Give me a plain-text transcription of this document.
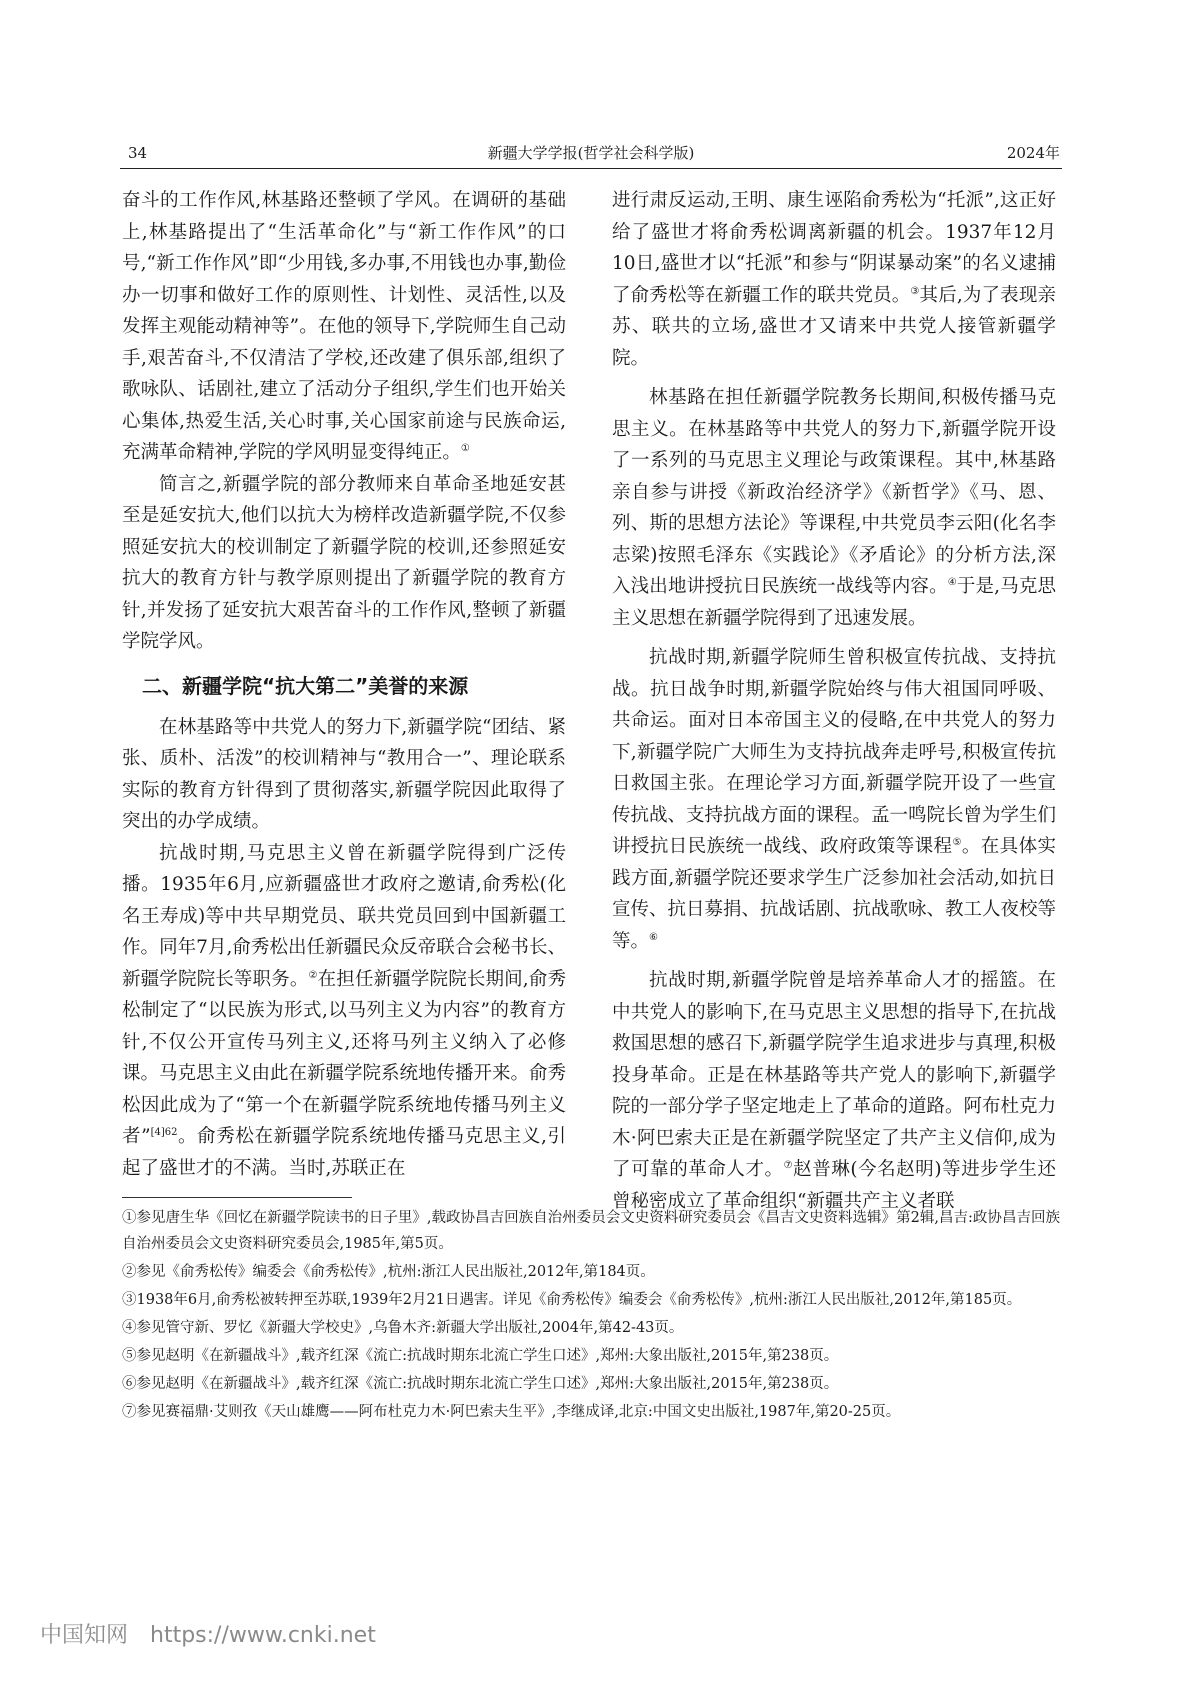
34	新疆大学学报(哲学社会科学版)	2024年

奋斗的工作作风,林基路还整顿了学风。在调研的基础上,林基路提出了“生活革命化”与“新工作作风”的口号,“新工作作风”即“少用钱,多办事,不用钱也办事,勤俭办一切事和做好工作的原则性、计划性、灵活性,以及发挥主观能动精神等”。在他的领导下,学院师生自己动手,艰苦奋斗,不仅清洁了学校,还改建了俱乐部,组织了歌咏队、话剧社,建立了活动分子组织,学生们也开始关心集体,热爱生活,关心时事,关心国家前途与民族命运,充满革命精神,学院的学风明显变得纯正。①

简言之,新疆学院的部分教师来自革命圣地延安甚至是延安抗大,他们以抗大为榜样改造新疆学院,不仅参照延安抗大的校训制定了新疆学院的校训,还参照延安抗大的教育方针与教学原则提出了新疆学院的教育方针,并发扬了延安抗大艰苦奋斗的工作作风,整顿了新疆学院学风。

二、新疆学院“抗大第二”美誉的来源

在林基路等中共党人的努力下,新疆学院“团结、紧张、质朴、活泼”的校训精神与“教用合一”、理论联系实际的教育方针得到了贯彻落实,新疆学院因此取得了突出的办学成绩。

抗战时期,马克思主义曾在新疆学院得到广泛传播。1935年6月,应新疆盛世才政府之邀请,俞秀松(化名王寿成)等中共早期党员、联共党员回到中国新疆工作。同年7月,俞秀松出任新疆民众反帝联合会秘书长、新疆学院院长等职务。②在担任新疆学院院长期间,俞秀松制定了“以民族为形式,以马列主义为内容”的教育方针,不仅公开宣传马列主义,还将马列主义纳入了必修课。马克思主义由此在新疆学院系统地传播开来。俞秀松因此成为了“第一个在新疆学院系统地传播马列主义者”$^{[4]62}$。俞秀松在新疆学院系统地传播马克思主义,引起了盛世才的不满。当时,苏联正在

进行肃反运动,王明、康生诬陷俞秀松为“托派”,这正好给了盛世才将俞秀松调离新疆的机会。1937年12月10日,盛世才以“托派”和参与“阴谋暴动案”的名义逮捕了俞秀松等在新疆工作的联共党员。③其后,为了表现亲苏、联共的立场,盛世才又请来中共党人接管新疆学院。

林基路在担任新疆学院教务长期间,积极传播马克思主义。在林基路等中共党人的努力下,新疆学院开设了一系列的马克思主义理论与政策课程。其中,林基路亲自参与讲授《新政治经济学》《新哲学》《马、恩、列、斯的思想方法论》等课程,中共党员李云阳(化名李志梁)按照毛泽东《实践论》《矛盾论》的分析方法,深入浅出地讲授抗日民族统一战线等内容。④于是,马克思主义思想在新疆学院得到了迅速发展。

抗战时期,新疆学院师生曾积极宣传抗战、支持抗战。抗日战争时期,新疆学院始终与伟大祖国同呼吸、共命运。面对日本帝国主义的侵略,在中共党人的努力下,新疆学院广大师生为支持抗战奔走呼号,积极宣传抗日救国主张。在理论学习方面,新疆学院开设了一些宣传抗战、支持抗战方面的课程。孟一鸣院长曾为学生们讲授抗日民族统一战线、政府政策等课程⑤。在具体实践方面,新疆学院还要求学生广泛参加社会活动,如抗日宣传、抗日募捐、抗战话剧、抗战歌咏、教工人夜校等等。⑥

抗战时期,新疆学院曾是培养革命人才的摇篮。在中共党人的影响下,在马克思主义思想的指导下,在抗战救国思想的感召下,新疆学院学生追求进步与真理,积极投身革命。正是在林基路等共产党人的影响下,新疆学院的一部分学子坚定地走上了革命的道路。阿布杜克力木·阿巴索夫正是在新疆学院坚定了共产主义信仰,成为了可靠的革命人才。⑦赵普琳(今名赵明)等进步学生还曾秘密成立了革命组织“新疆共产主义者联

①参见唐生华《回忆在新疆学院读书的日子里》,载政协昌吉回族自治州委员会文史资料研究委员会《昌吉文史资料选辑》第2辑,昌吉:政协昌吉回族自治州委员会文史资料研究委员会,1985年,第5页。

②参见《俞秀松传》编委会《俞秀松传》,杭州:浙江人民出版社,2012年,第184页。

③1938年6月,俞秀松被转押至苏联,1939年2月21日遇害。详见《俞秀松传》编委会《俞秀松传》,杭州:浙江人民出版社,2012年,第185页。

④参见管守新、罗忆《新疆大学校史》,乌鲁木齐:新疆大学出版社,2004年,第42-43页。

⑤参见赵明《在新疆战斗》,载齐红深《流亡:抗战时期东北流亡学生口述》,郑州:大象出版社,2015年,第238页。

⑥参见赵明《在新疆战斗》,载齐红深《流亡:抗战时期东北流亡学生口述》,郑州:大象出版社,2015年,第238页。

⑦参见赛福鼎·艾则孜《天山雄鹰——阿布杜克力木·阿巴索夫生平》,李继成译,北京:中国文史出版社,1987年,第20-25页。

中国知网 https://www.cnki.net
